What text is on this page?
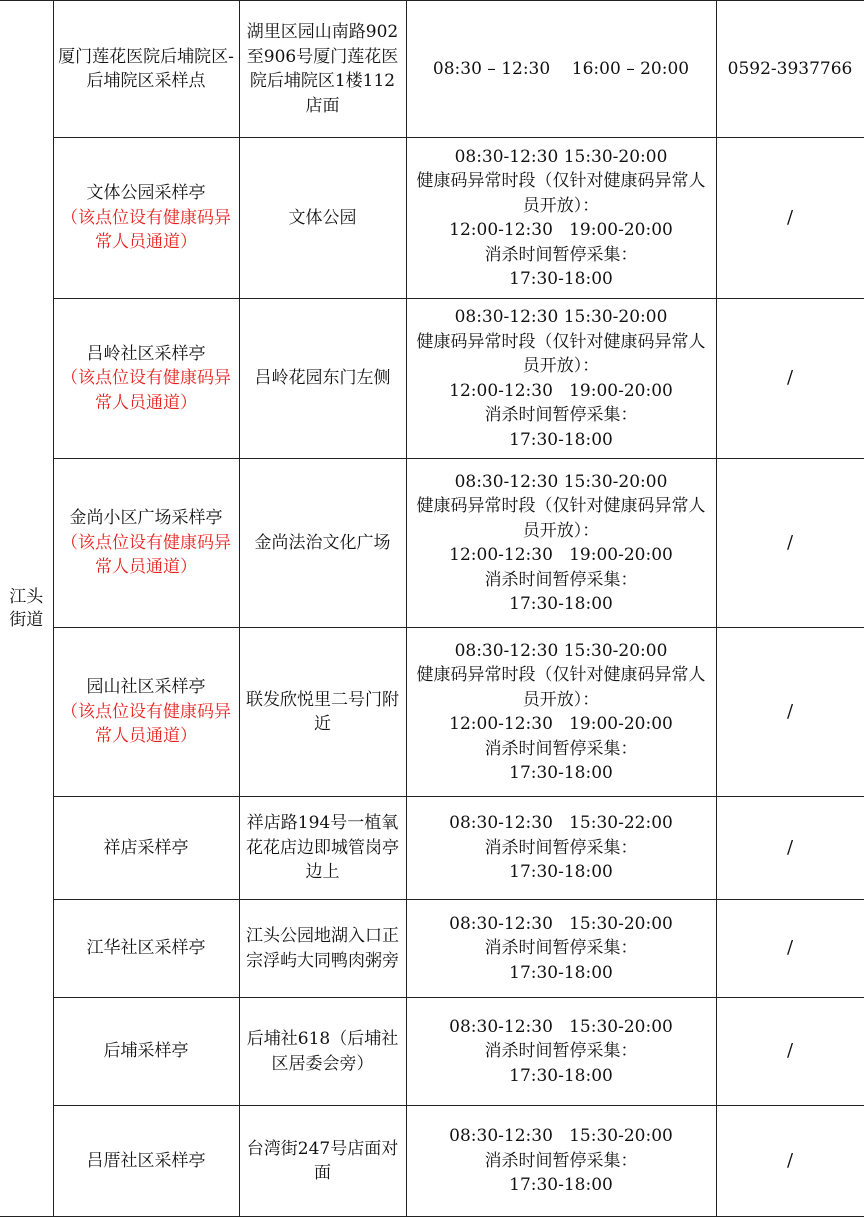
江头街道	厦门莲花医院后埔院区-后埔院区采样点	湖里区园山南路902至906号厦门莲花医院后埔院区1楼112店面	08:30 – 12:30    16:00 – 20:00	0592-3937766

	文体公园采样亭
（该点位设有健康码异常人员通道）	文体公园	08:30-12:30 15:30-20:00
健康码异常时段（仅针对健康码异常人员开放）：
12:00-12:30   19:00-20:00
消杀时间暂停采集：
17:30-18:00	/

	吕岭社区采样亭
（该点位设有健康码异常人员通道）	吕岭花园东门左侧	08:30-12:30 15:30-20:00
健康码异常时段（仅针对健康码异常人员开放）：
12:00-12:30   19:00-20:00
消杀时间暂停采集：
17:30-18:00	/

	金尚小区广场采样亭
（该点位设有健康码异常人员通道）	金尚法治文化广场	08:30-12:30 15:30-20:00
健康码异常时段（仅针对健康码异常人员开放）：
12:00-12:30   19:00-20:00
消杀时间暂停采集：
17:30-18:00	/

	园山社区采样亭
（该点位设有健康码异常人员通道）	联发欣悦里二号门附近	08:30-12:30 15:30-20:00
健康码异常时段（仅针对健康码异常人员开放）：
12:00-12:30   19:00-20:00
消杀时间暂停采集：
17:30-18:00	/

	祥店采样亭	祥店路194号一植氧花花店边即城管岗亭边上	08:30-12:30   15:30-22:00
消杀时间暂停采集：
17:30-18:00	/

	江华社区采样亭	江头公园地湖入口正宗浮屿大同鸭肉粥旁	08:30-12:30   15:30-20:00
消杀时间暂停采集：
17:30-18:00	/

	后埔采样亭	后埔社618（后埔社区居委会旁）	08:30-12:30   15:30-20:00
消杀时间暂停采集：
17:30-18:00	/

	吕厝社区采样亭	台湾街247号店面对面	08:30-12:30   15:30-20:00
消杀时间暂停采集：
17:30-18:00	/
